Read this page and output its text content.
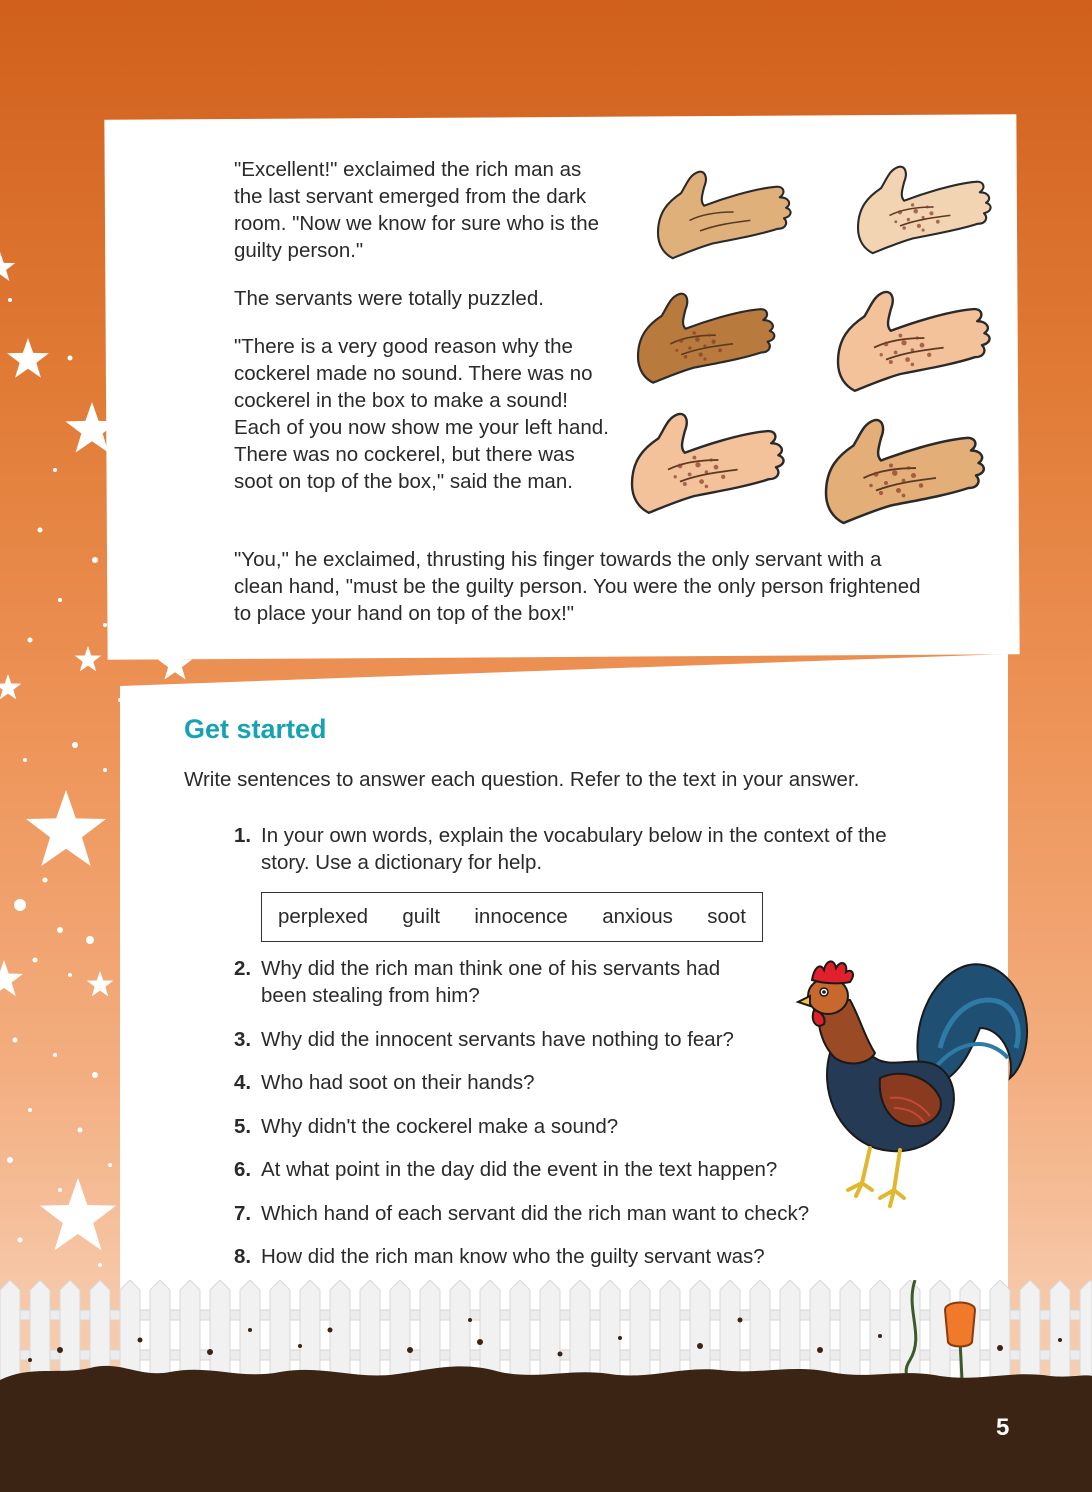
"Excellent!" exclaimed the rich man as the last servant emerged from the dark room. "Now we know for sure who is the guilty person."

The servants were totally puzzled.

"There is a very good reason why the cockerel made no sound. There was no cockerel in the box to make a sound! Each of you now show me your left hand. There was no cockerel, but there was soot on top of the box," said the man.

"You," he exclaimed, thrusting his finger towards the only servant with a clean hand, "must be the guilty person. You were the only person frightened to place your hand on top of the box!"

Get started

Write sentences to answer each question. Refer to the text in your answer.

1. In your own words, explain the vocabulary below in the context of the
story. Use a dictionary for help.
2. Why did the rich man think one of his servants had
been stealing from him?
3. Why did the innocent servants have nothing to fear?
4. Who had soot on their hands?
5. Why didn't the cockerel make a sound?
6. At what point in the day did the event in the text happen?
7. Which hand of each servant did the rich man want to check?
8. How did the rich man know who the guilty servant was?
perplexed guilt innocence anxious soot
5
